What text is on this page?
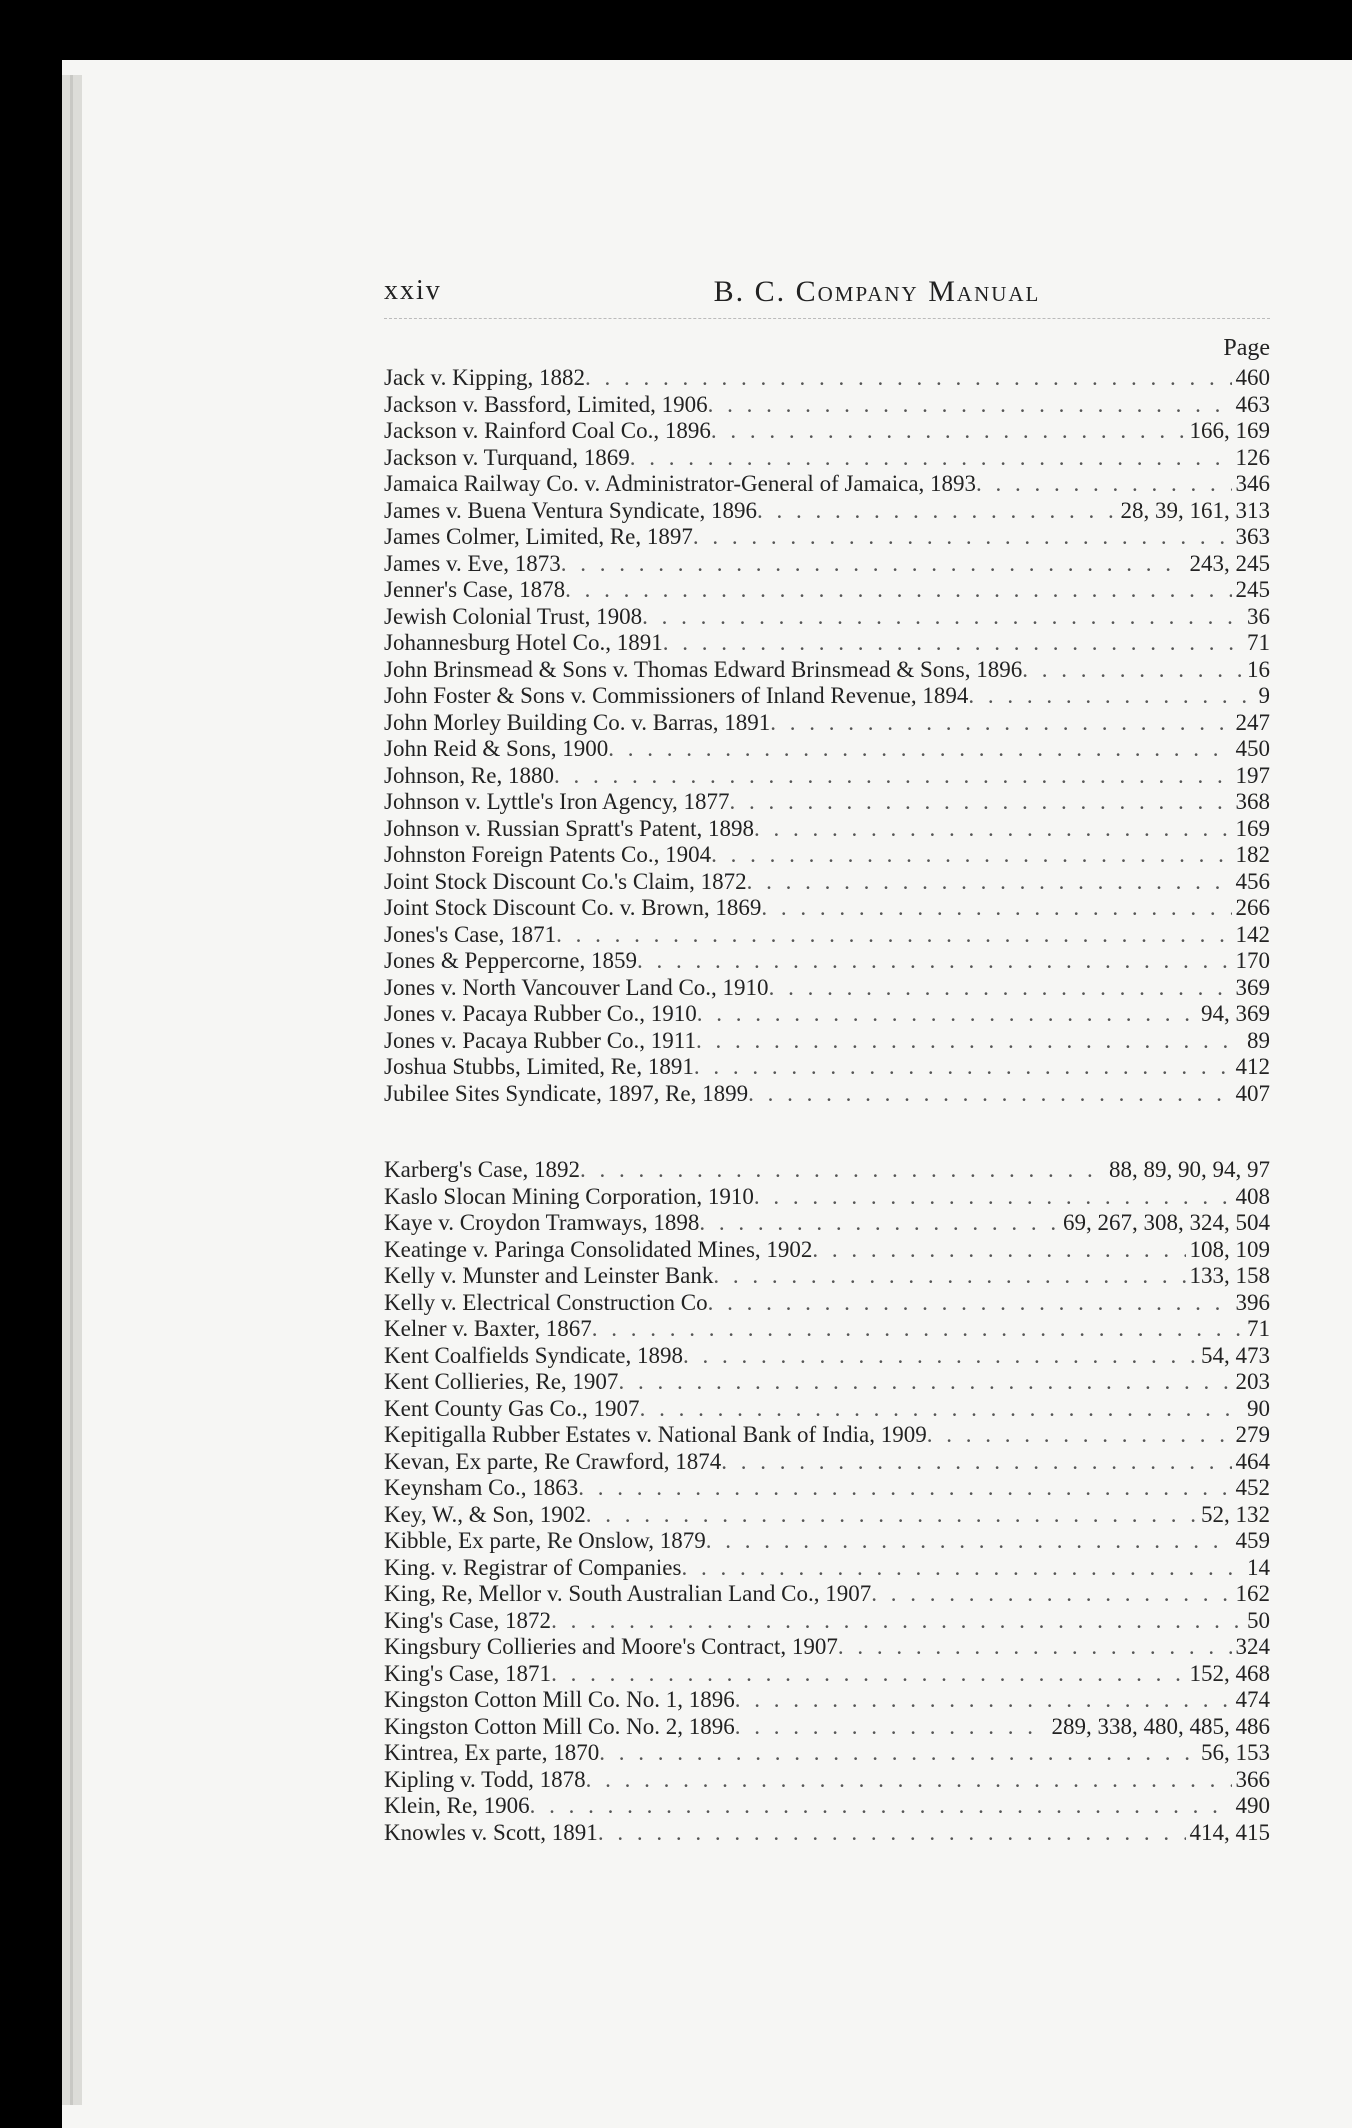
xxiv	B. C. Company Manual
Page
Jack v. Kipping, 1882 . . .	460
Jackson v. Bassford, Limited, 1906 . . .	463
Jackson v. Rainford Coal Co., 1896 . . .	166, 169
Jackson v. Turquand, 1869 . . .	126
Jamaica Railway Co. v. Administrator-General of Jamaica, 1893 . . .	346
James v. Buena Ventura Syndicate, 1896 . . .	28, 39, 161, 313
James Colmer, Limited, Re, 1897 . . .	363
James v. Eve, 1873 . . .	243, 245
Jenner's Case, 1878 . . .	245
Jewish Colonial Trust, 1908 . . .	36
Johannesburg Hotel Co., 1891 . . .	71
John Brinsmead & Sons v. Thomas Edward Brinsmead & Sons, 1896 . . .	16
John Foster & Sons v. Commissioners of Inland Revenue, 1894 . . .	9
John Morley Building Co. v. Barras, 1891 . . .	247
John Reid & Sons, 1900 . . .	450
Johnson, Re, 1880 . . .	197
Johnson v. Lyttle's Iron Agency, 1877 . . .	368
Johnson v. Russian Spratt's Patent, 1898 . . .	169
Johnston Foreign Patents Co., 1904 . . .	182
Joint Stock Discount Co.'s Claim, 1872 . . .	456
Joint Stock Discount Co. v. Brown, 1869 . . .	266
Jones's Case, 1871 . . .	142
Jones & Peppercorne, 1859 . . .	170
Jones v. North Vancouver Land Co., 1910 . . .	369
Jones v. Pacaya Rubber Co., 1910 . . .	94, 369
Jones v. Pacaya Rubber Co., 1911 . . .	89
Joshua Stubbs, Limited, Re, 1891 . . .	412
Jubilee Sites Syndicate, 1897, Re, 1899 . . .	407
Karberg's Case, 1892 . . .	88, 89, 90, 94, 97
Kaslo Slocan Mining Corporation, 1910 . . .	408
Kaye v. Croydon Tramways, 1898 . . .	69, 267, 308, 324, 504
Keatinge v. Paringa Consolidated Mines, 1902 . . .	108, 109
Kelly v. Munster and Leinster Bank . . .	133, 158
Kelly v. Electrical Construction Co . . .	396
Kelner v. Baxter, 1867 . . .	71
Kent Coalfields Syndicate, 1898 . . .	54, 473
Kent Collieries, Re, 1907 . . .	203
Kent County Gas Co., 1907 . . .	90
Kepitigalla Rubber Estates v. National Bank of India, 1909 . . .	279
Kevan, Ex parte, Re Crawford, 1874 . . .	464
Keynsham Co., 1863 . . .	452
Key, W., & Son, 1902 . . .	52, 132
Kibble, Ex parte, Re Onslow, 1879 . . .	459
King. v. Registrar of Companies . . .	14
King, Re, Mellor v. South Australian Land Co., 1907 . . .	162
King's Case, 1872 . . .	50
Kingsbury Collieries and Moore's Contract, 1907 . . .	324
King's Case, 1871 . . .	152, 468
Kingston Cotton Mill Co. No. 1, 1896 . . .	474
Kingston Cotton Mill Co. No. 2, 1896 . . .	289, 338, 480, 485, 486
Kintrea, Ex parte, 1870 . . .	56, 153
Kipling v. Todd, 1878 . . .	366
Klein, Re, 1906 . . .	490
Knowles v. Scott, 1891 . . .	414, 415
